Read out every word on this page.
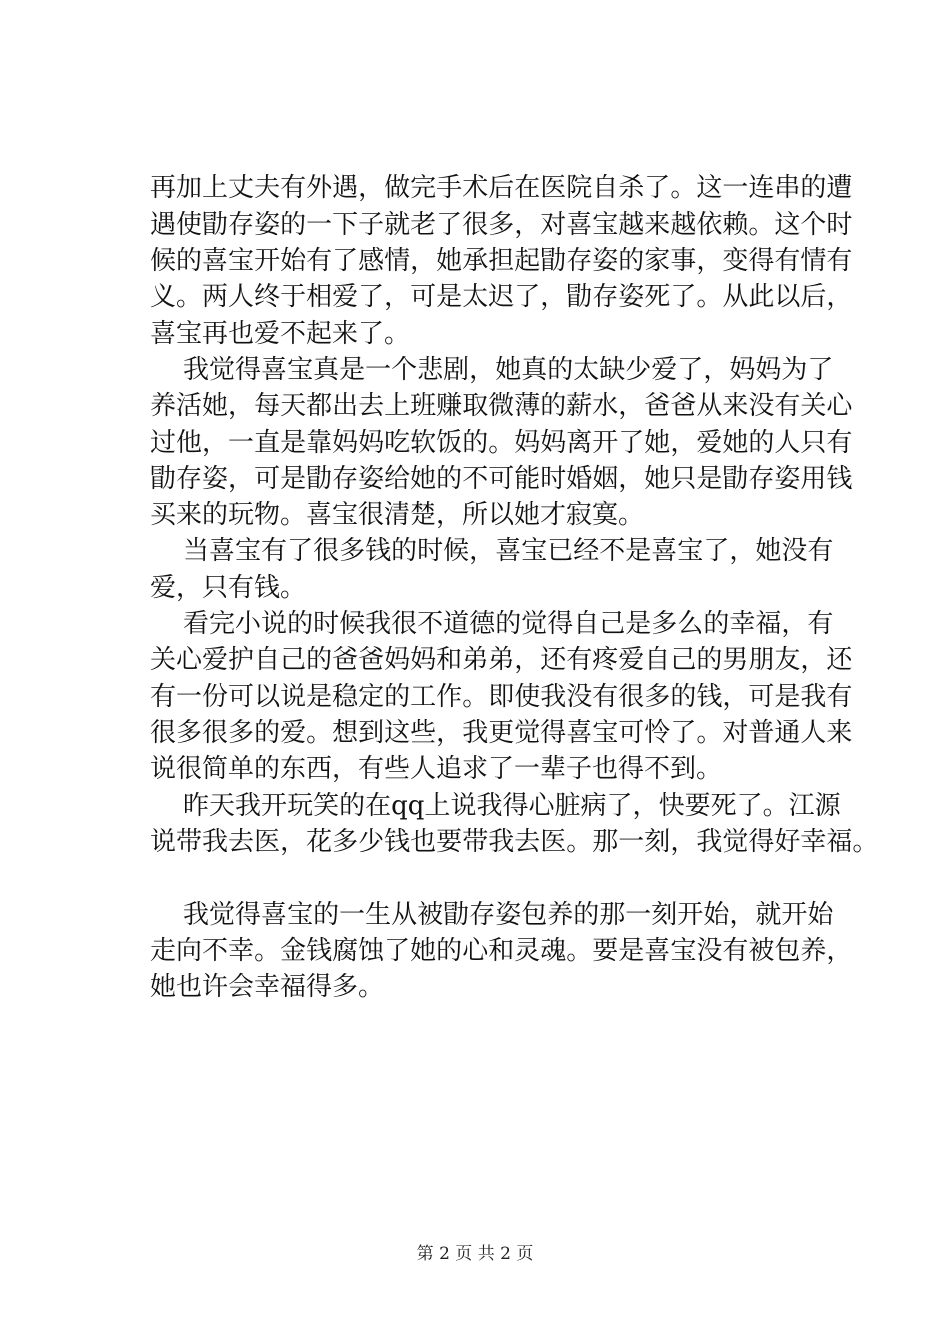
再 加 上 丈 夫 有 外 遇 ， 做 完 手 术 后 在 医 院 自 杀 了 。 这 一 连 串 的 遭
遇 使 勖 存 姿 的 一 下 子 就 老 了 很 多 ， 对 喜 宝 越 来 越 依 赖 。 这 个 时
候 的 喜 宝 开 始 有 了 感 情 ， 她 承 担 起 勖 存 姿 的 家 事 ， 变 得 有 情 有
义 。 两 人 终 于 相 爱 了 ， 可 是 太 迟 了 ， 勖 存 姿 死 了 。 从 此 以 后 ，
喜宝再也爱不起来了。
我 觉 得 喜 宝 真 是 一 个 悲 剧 ， 她 真 的 太 缺 少 爱 了 ， 妈 妈 为 了
养 活 她 ， 每 天 都 出 去 上 班 赚 取 微 薄 的 薪 水 ， 爸 爸 从 来 没 有 关 心
过 他 ， 一 直 是 靠 妈 妈 吃 软 饭 的 。 妈 妈 离 开 了 她 ， 爱 她 的 人 只 有
勖 存 姿 ， 可 是 勖 存 姿 给 她 的 不 可 能 时 婚 姻 ， 她 只 是 勖 存 姿 用 钱
买来的玩物。喜宝很清楚，所以她才寂寞。
当 喜 宝 有 了 很 多 钱 的 时 候 ， 喜 宝 已 经 不 是 喜 宝 了 ， 她 没 有
爱，只有钱。
看 完 小 说 的 时 候 我 很 不 道 德 的 觉 得 自 己 是 多 么 的 幸 福 ， 有
关 心 爱 护 自 己 的 爸 爸 妈 妈 和 弟 弟 ， 还 有 疼 爱 自 己 的 男 朋 友 ， 还
有 一 份 可 以 说 是 稳 定 的 工 作 。 即 使 我 没 有 很 多 的 钱 ， 可 是 我 有
很 多 很 多 的 爱 。 想 到 这 些 ， 我 更 觉 得 喜 宝 可 怜 了 。 对 普 通 人 来
说很简单的东西，有些人追求了一辈子也得不到。
昨 天 我 开 玩 笑 的 在 qq 上 说 我 得 心 脏 病 了 ， 快 要 死 了 。 江 源
说 带 我 去 医 ， 花 多 少 钱 也 要 带 我 去 医 。 那 一 刻 ， 我 觉 得 好 幸 福 。
我 觉 得 喜 宝 的 一 生 从 被 勖 存 姿 包 养 的 那 一 刻 开 始 ， 就 开 始
走 向 不 幸 。 金 钱 腐 蚀 了 她 的 心 和 灵 魂 。 要 是 喜 宝 没 有 被 包 养 ，
她也许会幸福得多。
第 2 页 共 2 页
